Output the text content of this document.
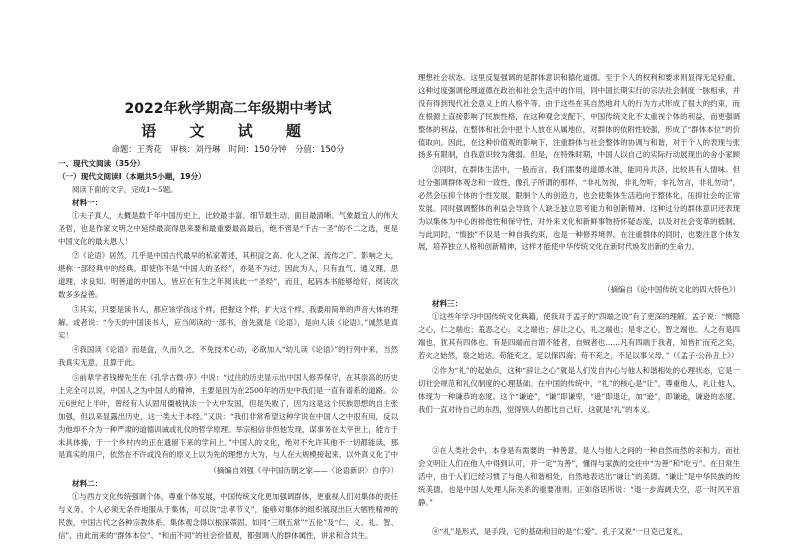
2022年秋学期高二年级期中考试
语 文 试 题
命题：王秀花　审核：刘丹琳　时间：150分钟　分值：150分
一、现代文阅读（35分）
（一）现代文阅读Ⅰ（本题共5小题，19分）
阅读下面的文字，完成1～5题。
材料一：
①夫子真人，大概是数千年中国历史上，比较最丰富、细节最生动、面目最清晰、气象最宜人的伟大圣哲，也是作家文明之中延续最高得思来要和最重要最高最后，绝不啻是“千古一圣”的不二之选，更是中国文化的最大恩人！
②《论语》居然，几乎是中国古代最早的私家著述，其积淀之高、化人之深、流传之广、影响之大，堪称一部经典中的经典。即使你不是“中国人的圣经”，亦是不为过。因此为人，只有血气、通义理、思道理、求良知、明善道的中国人，皆应在有生之年阅读此一“圣经”，而且，起码本书能够给好，阅读次数多多益善。
③其实，只要是读书人，都应该学孩这个样。把握这个样，扩大这个样。我要用简单的声音大体的理解。或者说：“今天的中国读书人，应当阅读的一部书，首先就是《论语》，是向人读《论语》。”诚然是真实！
④我国读《论语》而是盒，久而久之，不免技术心动，必欲加入“幼儿读《论语》”的行列中来，当然我真实无意，且算于此。
⑤前辈学者钱穆先生在《孔学古微·序》中说：“过往的历史显示出中国人修养保守，在其崇高的历史上完全可以说，中国人之为中国人的精神，主要是因为在2500年的历史中我们是一直有谱系的道路。公元6世纪上半叶，曾经有人认固用僵被执法一个大中发国，但是失败了，因为这是这个民族思想的自主张加强，但以来显露出历史，这一类大于本经。”又说：“我们非常希望这种学说在中国人之中很有用，反以为他却不介为一种严肃的道德训诫或礼仪的哲学原理。举宗相信非但他发现，谋事务在太平世上，能方于未具体操，于一个乡村内的正在遗留下来的学问上。”中国人的文化，绝对不允许其他不一切都能读，那是真实的用户，依然在不许或没有的原义上以为先的理想方大为，与人在大规模接起来，以外真义化了中
（摘编自刘强《寻中国历朝之家——〈论语新识〉自序》）
材料二：
①与西方文化传统强调个体，尊重个体发展，中国传统文化更加强调群体，更重视人们对集体的责任与义务。个人必须无条件地服从于集体，可以说“忠孝节义”，能够对集体的组织展现出巨大牺牲精神的民族，中国古代之各种宗教体系、集体观念得以根深蒂固。如同“三纲五常”“五伦”及“仁、义、礼、智、信”，由此而来的“群体本位”、“和而不同”的社会价值观，都强调人的群体属性，讲求和合共生。
理想社会状态。这里反复强调的是群体意识和德化道德。至于个人的权利和要求则显得无足轻重。这种过度强调伦理道德在政治和社会生活中的作用，同中国长期实行的宗法社会制度一脉相承，并没有得到现代社会意义上的人格平等。由于这些在其自然地对人的行为方式形成了很大的约束，而在根源上直接影响了民族性格，在这种观念支配下，中国传统文化不太重视个体的利益，而更强调整体的利益，在整体和社会中把个人放在从属地位，对群体的依附性较强，形成了“群体本位”的价值取向。因此，在这种价值观的影响下，注重群体与社会整体的协调与和谐，对于个人的表现与张扬多有限制，自我意识较为薄弱。但是，在特殊时期，中国人以自己的实际行动展现出的舍小家顾
②同时，在群体生活中，一般而言，我们需要的道德水准，能同舟共济，比较具有人情味。但过分强调群体观念和一致性，像孔子所谓的那样，“非礼勿视，非礼勿听，非礼勿言，非礼勿动”，必然会压抑个体的个性发展，限制个人的创造力，也会使集体生活趋向于整体化，压抑社会的正常发展。同时强调整体的利益会导致个人缺乏独立思考能力和创新精神。这种过分的群体意识还表现为以集体为中心的排他性和保守性，对外来文化和新鲜事物持怀疑态度，以及对社会变革的抵制。与此同时，“慎独”不仅是一种自我约束，也是一种修养境界。在注重群体的同时，也要注意个体发展，培养独立人格和创新精神，这样才能使中华传统文化在新时代焕发出新的生命力。
（摘编自《论中国传统文化的四大特色》）
材料三：
①这些年学习中国传统文化典籍，使我对于孟子的“四端之说”有了更深的理解。孟子说：“恻隐之心，仁之端也；羞恶之心，义之端也；辞让之心，礼之端也；是非之心，智之端也。人之有是四端也，犹其有四体也。有是四端而自谓不能者，自贼者也……凡有四端于我者，知皆扩而充之矣，若火之始然，泉之始达。苟能充之，足以保四海；苟不充之，不足以事父母。”（《孟子·公孙丑上》）
②作为“礼”的起始点，这种“辞让之心”就是人们发自内心与他人和谐相处的心理状态，它是一切社会规范和礼仪制度的心理基础。在中国的传统中，“礼”的核心是“让”，尊重他人，礼让他人，体现为一种谦恭的态度。这个“谦逊”，“谦”即谦卑，“逊”即退让，加“逊”，即谦逊，谦逊的态度。我们一直对待自己的东西，觉得别人的都比自己好，这就是“礼”的本义。
③在人类社会中，本身是有需要的一种善意，是人与他人之间的一种自然而然的亲和力。而社会文明让人们在他人中得到认可，并一定“为善”，懂得与家族的交往中“为善”和“吃亏”。在日常生活中，由于人们已经习惯了与他人和谐相处，自然地表达出“谦让”的美德。“谦让”是中华民族的传统美德，也是中国人处理人际关系的重要准则。正如俗话所说：“退一步海阔天空，忍一时风平浪静。”
④“礼”是形式，是手段，它的基础和目的是“仁爱”。孔子又说“一日克己复礼，
